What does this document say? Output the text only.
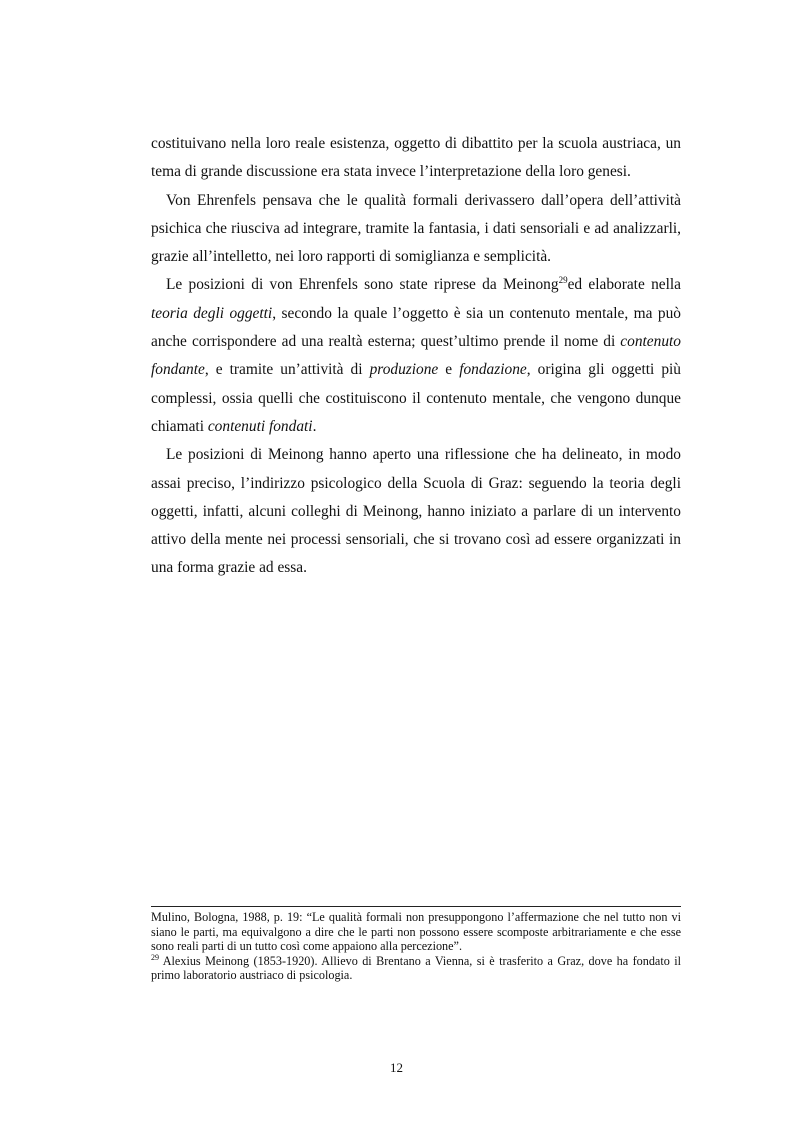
costituivano nella loro reale esistenza, oggetto di dibattito per la scuola austriaca, un tema di grande discussione era stata invece l’interpretazione della loro genesi.

Von Ehrenfels pensava che le qualità formali derivassero dall’opera dell’attività psichica che riusciva ad integrare, tramite la fantasia, i dati sensoriali e ad analizzarli, grazie all’intelletto, nei loro rapporti di somiglianza e semplicità.

Le posizioni di von Ehrenfels sono state riprese da Meinong$^{29}$ed elaborate nella teoria degli oggetti, secondo la quale l’oggetto è sia un contenuto mentale, ma può anche corrispondere ad una realtà esterna; quest’ultimo prende il nome di contenuto fondante, e tramite un’attività di produzione e fondazione, origina gli oggetti più complessi, ossia quelli che costituiscono il contenuto mentale, che vengono dunque chiamati contenuti fondati.

Le posizioni di Meinong hanno aperto una riflessione che ha delineato, in modo assai preciso, l’indirizzo psicologico della Scuola di Graz: seguendo la teoria degli oggetti, infatti, alcuni colleghi di Meinong, hanno iniziato a parlare di un intervento attivo della mente nei processi sensoriali, che si trovano così ad essere organizzati in una forma grazie ad essa.

Mulino, Bologna, 1988, p. 19: “Le qualità formali non presuppongono l’affermazione che nel tutto non vi siano le parti, ma equivalgono a dire che le parti non possono essere scomposte arbitrariamente e che esse sono reali parti di un tutto così come appaiono alla percezione”.

$^{29}$ Alexius Meinong (1853-1920). Allievo di Brentano a Vienna, si è trasferito a Graz, dove ha fondato il primo laboratorio austriaco di psicologia.

12
